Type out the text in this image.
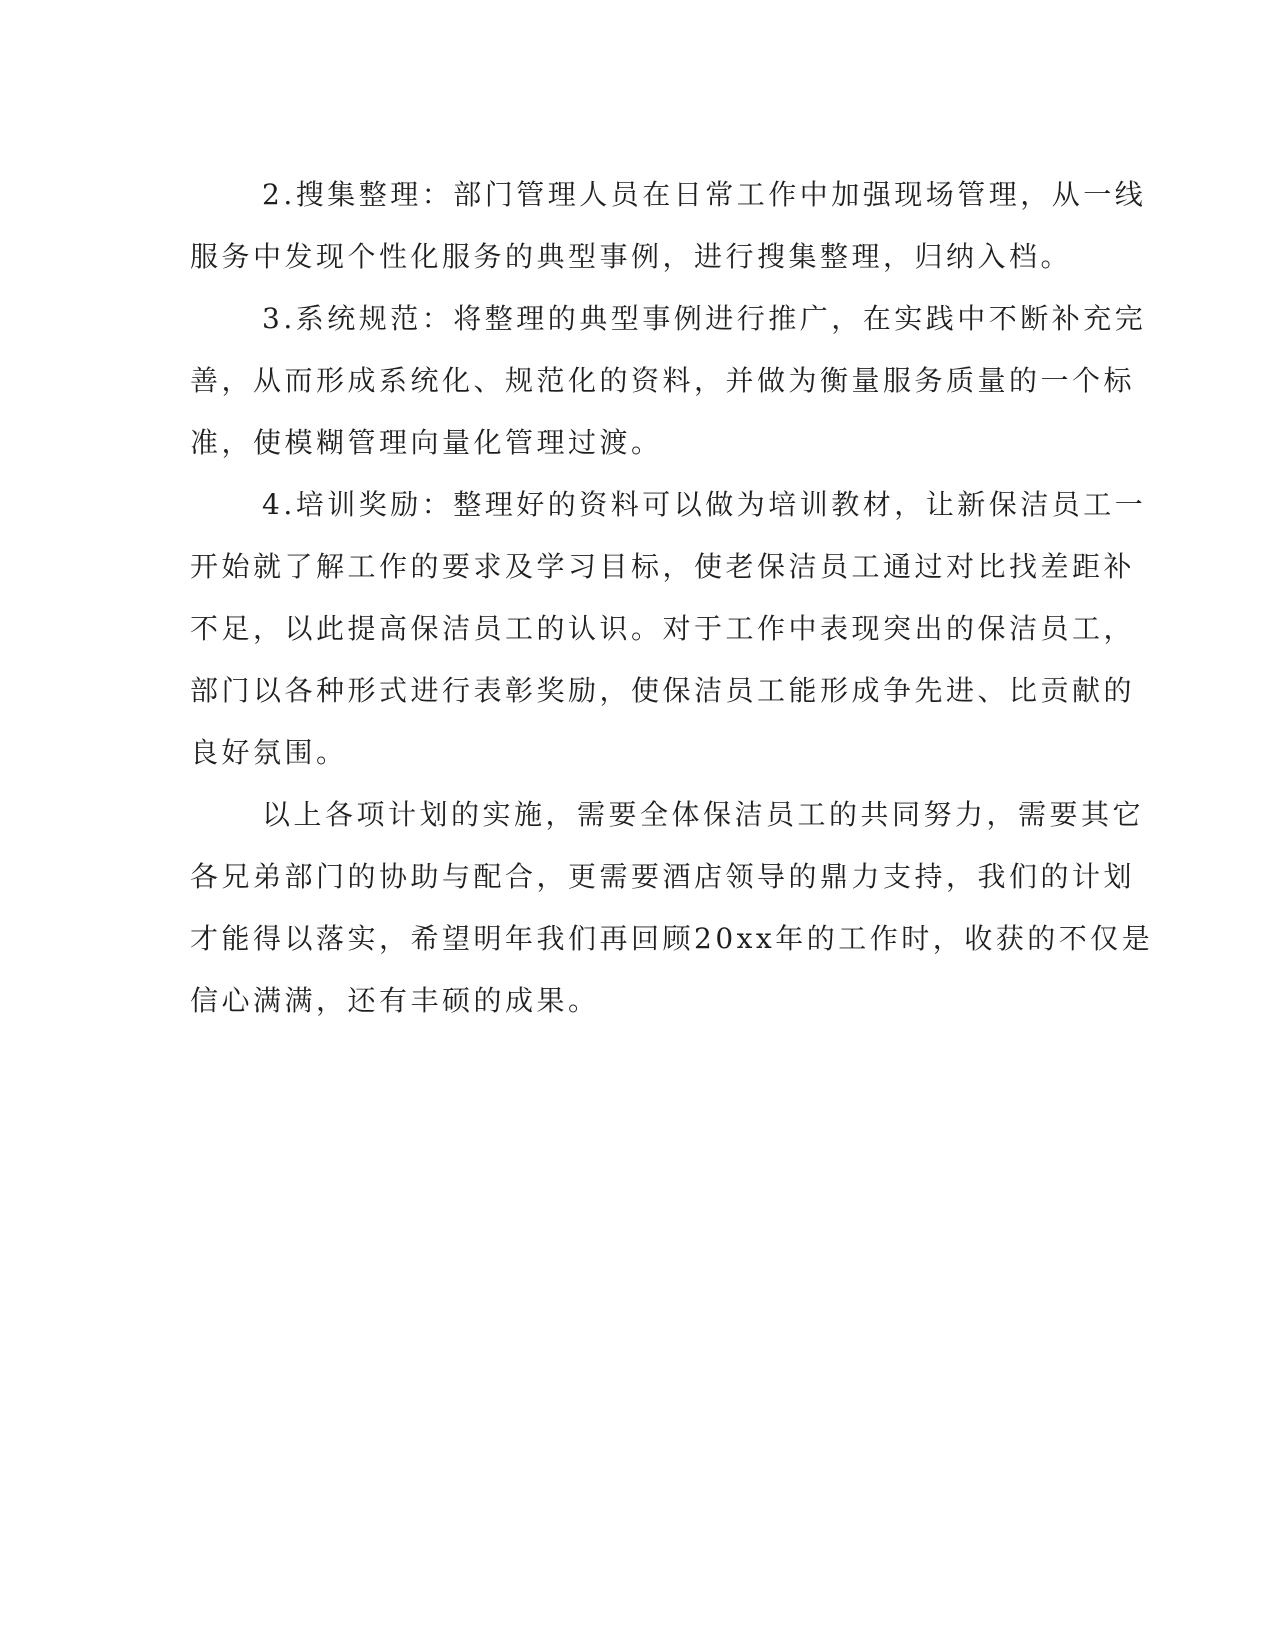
2.搜集整理：部门管理人员在日常工作中加强现场管理，从一线
服务中发现个性化服务的典型事例，进行搜集整理，归纳入档。
3.系统规范：将整理的典型事例进行推广，在实践中不断补充完
善，从而形成系统化、规范化的资料，并做为衡量服务质量的一个标
准，使模糊管理向量化管理过渡。
4.培训奖励：整理好的资料可以做为培训教材，让新保洁员工一
开始就了解工作的要求及学习目标，使老保洁员工通过对比找差距补
不足，以此提高保洁员工的认识。对于工作中表现突出的保洁员工，
部门以各种形式进行表彰奖励，使保洁员工能形成争先进、比贡献的
良好氛围。
以上各项计划的实施，需要全体保洁员工的共同努力，需要其它
各兄弟部门的协助与配合，更需要酒店领导的鼎力支持，我们的计划
才能得以落实，希望明年我们再回顾20xx年的工作时，收获的不仅是
信心满满，还有丰硕的成果。
